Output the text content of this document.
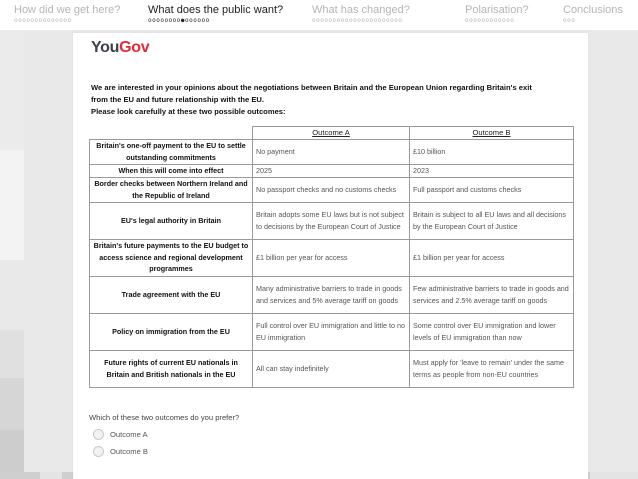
How did we get here?
oooooooooooooo
What does the public want?
oooooooo●oooooo
What has changed?
oooooooooooooooooooooo
Polarisation?
oooooooooooo
Conclusions
ooo
YouGov
We are interested in your opinions about the negotiations between Britain and the European Union regarding Britain's exit
from the EU and future relationship with the EU.
Please look carefully at these two possible outcomes:
	Outcome A	Outcome B
Britain's one-off payment to the EU to settle outstanding commitments	No payment	£10 billion
When this will come into effect	2025	2023
Border checks between Northern Ireland and the Republic of Ireland	No passport checks and no customs checks	Full passport and customs checks
EU's legal authority in Britain	Britain adopts some EU laws but is not subject to decisions by the European Court of Justice	Britain is subject to all EU laws and all decisions by the European Court of Justice
Britain's future payments to the EU budget to access science and regional development programmes	£1 billion per year for access	£1 billion per year for access
Trade agreement with the EU	Many administrative barriers to trade in goods and services and 5% average tariff on goods	Few administrative barriers to trade in goods and services and 2.5% average tariff on goods
Policy on immigration from the EU	Full control over EU immigration and little to no EU immigration	Some control over EU immigration and lower levels of EU immigration than now
Future rights of current EU nationals in Britain and British nationals in the EU	All can stay indefinitely	Must apply for 'leave to remain' under the same terms as people from non-EU countries
Which of these two outcomes do you prefer?
Outcome A
Outcome B
